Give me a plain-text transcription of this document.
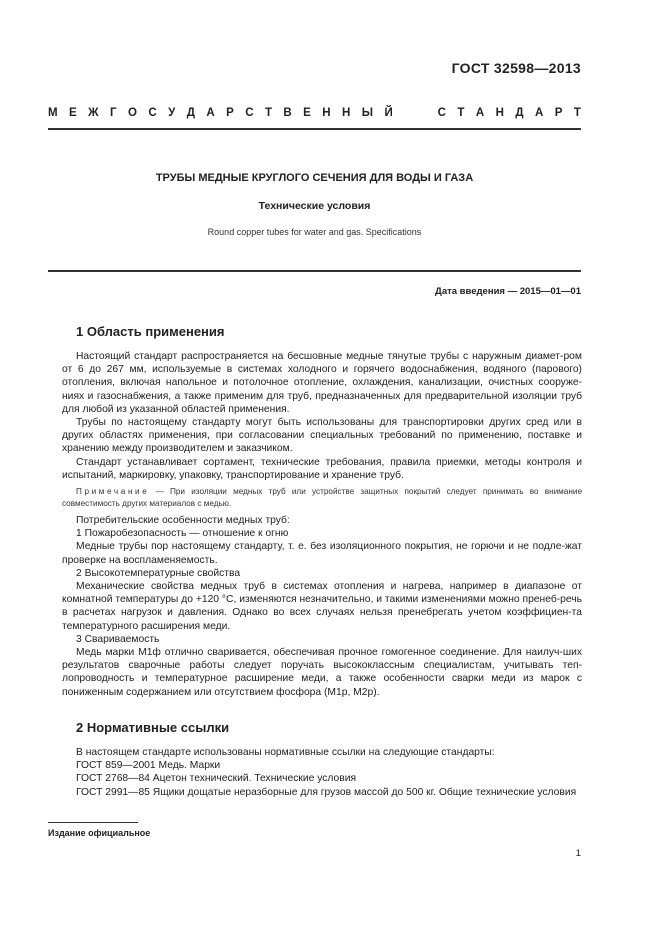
ГОСТ 32598—2013
М Е Ж Г О С У Д А Р С Т В Е Н Н Ы Й	С Т А Н Д А Р Т
ТРУБЫ МЕДНЫЕ КРУГЛОГО СЕЧЕНИЯ ДЛЯ ВОДЫ И ГАЗА
Технические условия
Round copper tubes for water and gas. Specifications
Дата введения — 2015—01—01
1 Область применения

Настоящий стандарт распространяется на бесшовные медные тянутые трубы с наружным диамет-ром от 6 до 267 мм, используемые в системах холодного и горячего водоснабжения, водяного (парового) отопления, включая напольное и потолочное отопление, охлаждения, канализации, очистных сооруже-ниях и газоснабжения, а также применим для труб, предназначенных для предварительной изоляции труб для любой из указанной областей применения.

Трубы по настоящему стандарту могут быть использованы для транспортировки других сред или в других областях применения, при согласовании специальных требований по применению, поставке и хранению между производителем и заказчиком.

Стандарт устанавливает сортамент, технические требования, правила приемки, методы контроля и испытаний, маркировку, упаковку, транспортирование и хранение труб.

Примечание — При изоляции медных труб или устройстве защитных покрытий следует принимать во внимание совместимость других материалов с медью.

Потребительские особенности медных труб:

1 Пожаробезопасность — отношение к огню

Медные трубы пор настоящему стандарту, т. е. без изоляционного покрытия, не горючи и не подле-жат проверке на воспламеняемость.

2 Высокотемпературные свойства

Механические свойства медных труб в системах отопления и нагрева, например в диапазоне от комнатной температуры до +120 °С, изменяются незначительно, и такими изменениями можно пренеб-речь в расчетах нагрузок и давления. Однако во всех случаях нельзя пренебрегать учетом коэффициен-та температурного расширения меди.

3 Свариваемость

Медь марки М1ф отлично сваривается, обеспечивая прочное гомогенное соединение. Для наилуч-ших результатов сварочные работы следует поручать высококлассным специалистам, учитывать теп-лопроводность и температурное расширение меди, а также особенности сварки меди из марок с пониженным содержанием или отсутствием фосфора (М1р, М2р).

2 Нормативные ссылки

В настоящем стандарте использованы нормативные ссылки на следующие стандарты:

ГОСТ 859—2001 Медь. Марки

ГОСТ 2768—84 Ацетон технический. Технические условия

ГОСТ 2991—85 Ящики дощатые неразборные для грузов массой до 500 кг. Общие технические условия

Издание официальное
1
